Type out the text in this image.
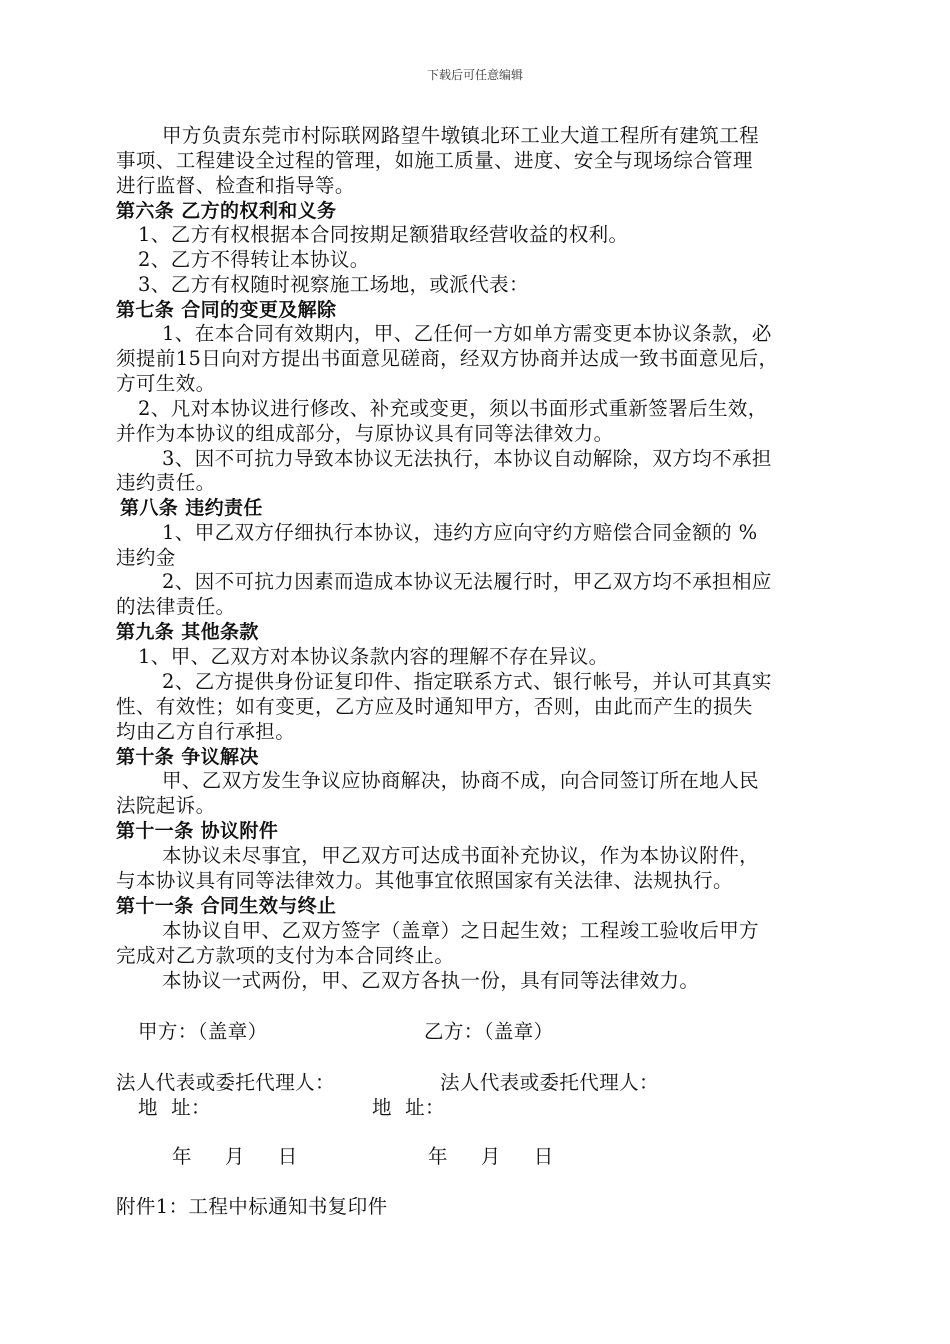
下载后可任意编辑
甲方负责东莞市村际联网路望牛墩镇北环工业大道工程所有建筑工程
事项、工程建设全过程的管理，如施工质量、进度、安全与现场综合管理
进行监督、检查和指导等。
第六条 乙方的权利和义务
1、乙方有权根据本合同按期足额猎取经营收益的权利。
2、乙方不得转让本协议。
3、乙方有权随时视察施工场地，或派代表：
第七条 合同的变更及解除
1、在本合同有效期内，甲、乙任何一方如单方需变更本协议条款，必
须提前15日向对方提出书面意见磋商，经双方协商并达成一致书面意见后，
方可生效。
2、凡对本协议进行修改、补充或变更，须以书面形式重新签署后生效，
并作为本协议的组成部分，与原协议具有同等法律效力。
3、因不可抗力导致本协议无法执行，本协议自动解除，双方均不承担
违约责任。
第八条 违约责任
1、甲乙双方仔细执行本协议，违约方应向守约方赔偿合同金额的 %
违约金
2、因不可抗力因素而造成本协议无法履行时，甲乙双方均不承担相应
的法律责任。
第九条 其他条款
1、甲、乙双方对本协议条款内容的理解不存在异议。
2、乙方提供身份证复印件、指定联系方式、银行帐号，并认可其真实
性、有效性；如有变更，乙方应及时通知甲方，否则，由此而产生的损失
均由乙方自行承担。
第十条 争议解决
甲、乙双方发生争议应协商解决，协商不成，向合同签订所在地人民
法院起诉。
第十一条 协议附件
本协议未尽事宜，甲乙双方可达成书面补充协议，作为本协议附件，
与本协议具有同等法律效力。其他事宜依照国家有关法律、法规执行。
第十一条 合同生效与终止
本协议自甲、乙双方签字（盖章）之日起生效；工程竣工验收后甲方
完成对乙方款项的支付为本合同终止。
本协议一式两份，甲、乙双方各执一份，具有同等法律效力。
甲方：（盖章）	乙方：（盖章）
法人代表或委托代理人：	法人代表或委托代理人：
地  址：	地  址：
年     月     日	年     月     日
附件1：工程中标通知书复印件
